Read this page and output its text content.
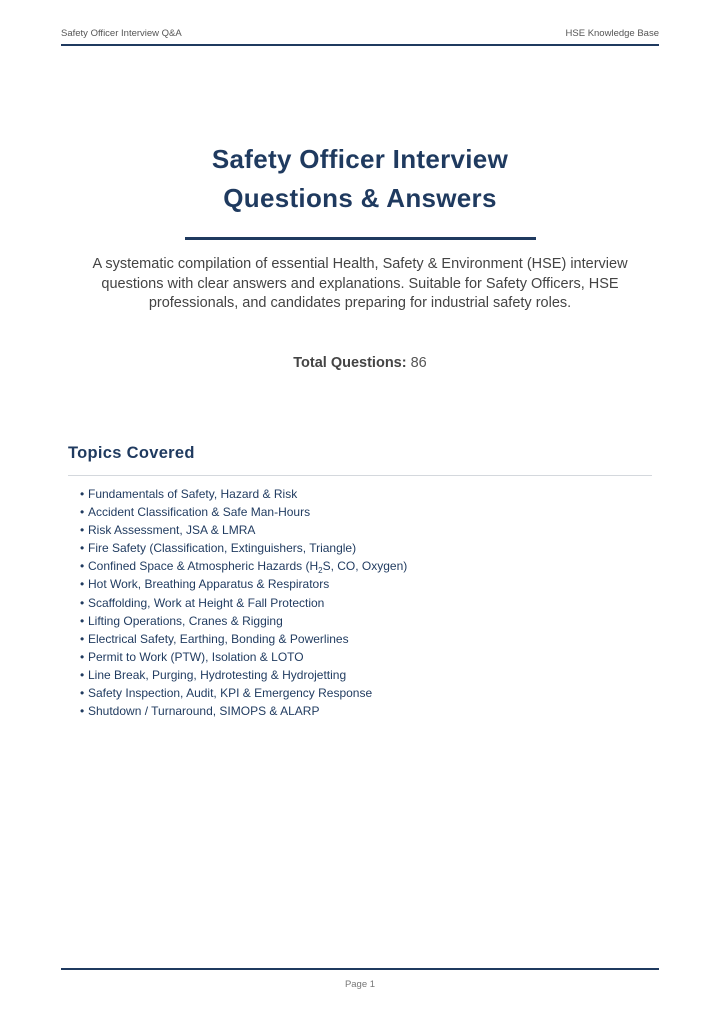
Safety Officer Interview Q&A	HSE Knowledge Base
Safety Officer Interview
Questions & Answers
A systematic compilation of essential Health, Safety & Environment (HSE) interview
questions with clear answers and explanations. Suitable for Safety Officers, HSE
professionals, and candidates preparing for industrial safety roles.
Total Questions: 86
Topics Covered
• Fundamentals of Safety, Hazard & Risk
• Accident Classification & Safe Man-Hours
• Risk Assessment, JSA & LMRA
• Fire Safety (Classification, Extinguishers, Triangle)
• Confined Space & Atmospheric Hazards ($H_2S$, CO, Oxygen)
• Hot Work, Breathing Apparatus & Respirators
• Scaffolding, Work at Height & Fall Protection
• Lifting Operations, Cranes & Rigging
• Electrical Safety, Earthing, Bonding & Powerlines
• Permit to Work (PTW), Isolation & LOTO
• Line Break, Purging, Hydrotesting & Hydrojetting
• Safety Inspection, Audit, KPI & Emergency Response
• Shutdown / Turnaround, SIMOPS & ALARP
Page 1
